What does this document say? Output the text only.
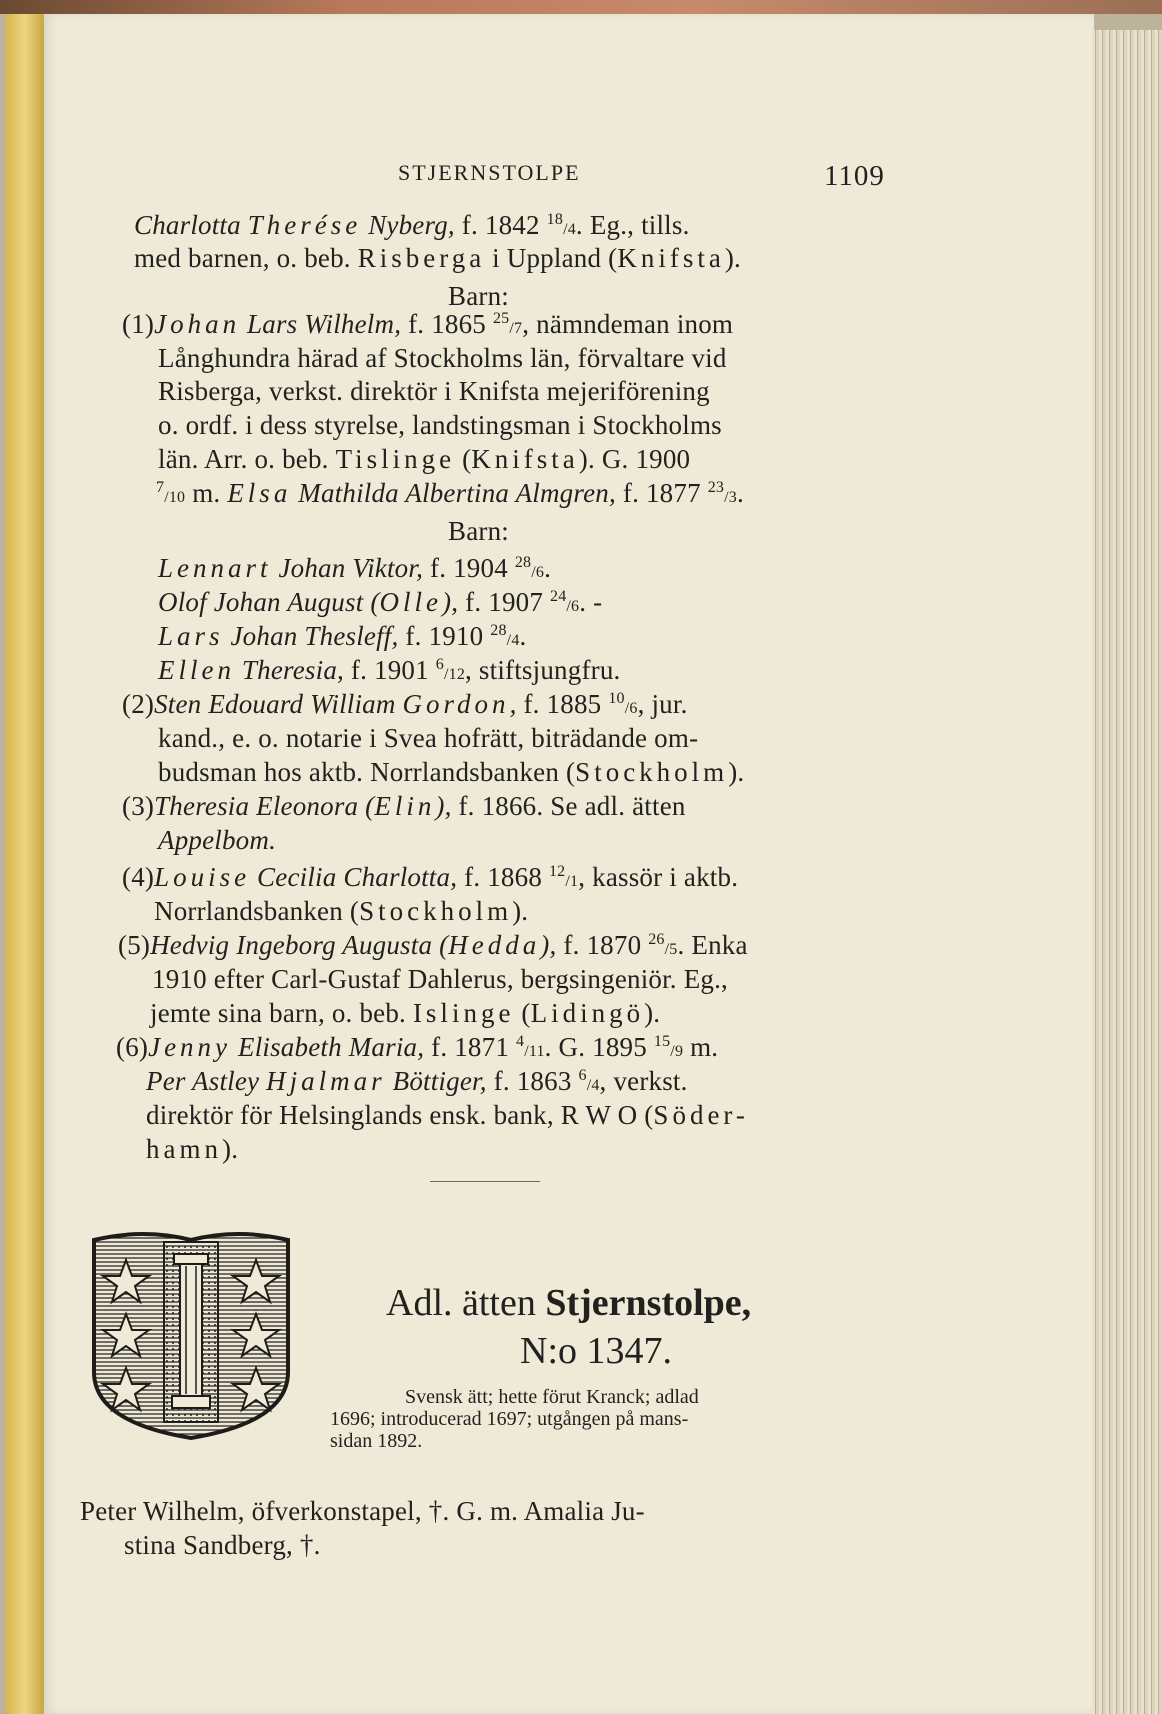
STJERNSTOLPE	1109
Charlotta Therése Nyberg, f. 1842 $^{18}$/4. Eg., tills.
med barnen, o. beb. Risberga i Uppland (Knifsta).
Barn:
(1)Johan Lars Wilhelm, f. 1865 $^{25}$/7, nämndeman inom
Långhundra härad af Stockholms län, förvaltare vid
Risberga, verkst. direktör i Knifsta mejeriförening
o. ordf. i dess styrelse, landstingsman i Stockholms
län. Arr. o. beb. Tislinge (Knifsta). G. 1900
$^7$/10 m. Elsa Mathilda Albertina Almgren, f. 1877 $^{23}$/3.
Barn:
Lennart Johan Viktor, f. 1904 $^{28}$/6.
Olof Johan August (Olle), f. 1907 $^{24}$/6. -
Lars Johan Thesleff, f. 1910 $^{28}$/4.
Ellen Theresia, f. 1901 $^6$/12, stiftsjungfru.
(2)Sten Edouard William Gordon, f. 1885 $^{10}$/6, jur.
kand., e. o. notarie i Svea hofrätt, biträdande om-
budsman hos aktb. Norrlandsbanken (Stockholm).
(3)Theresia Eleonora (Elin), f. 1866. Se adl. ätten
Appelbom.
(4)Louise Cecilia Charlotta, f. 1868 $^{12}$/1, kassör i aktb.
Norrlandsbanken (Stockholm).
(5)Hedvig Ingeborg Augusta (Hedda), f. 1870 $^{26}$/5. Enka
1910 efter Carl-Gustaf Dahlerus, bergsingeniör. Eg.,
jemte sina barn, o. beb. Islinge (Lidingö).
(6)Jenny Elisabeth Maria, f. 1871 $^4$/11. G. 1895 $^{15}$/9 m.
Per Astley Hjalmar Böttiger, f. 1863 $^6$/4, verkst.
direktör för Helsinglands ensk. bank, R W O (Söder-
hamn).
Adl. ätten Stjernstolpe,
N:o 1347.
Svensk ätt; hette förut Kranck; adlad
1696; introducerad 1697; utgången på mans-
sidan 1892.
Peter Wilhelm, öfverkonstapel, †. G. m. Amalia Ju-
stina Sandberg, †.
